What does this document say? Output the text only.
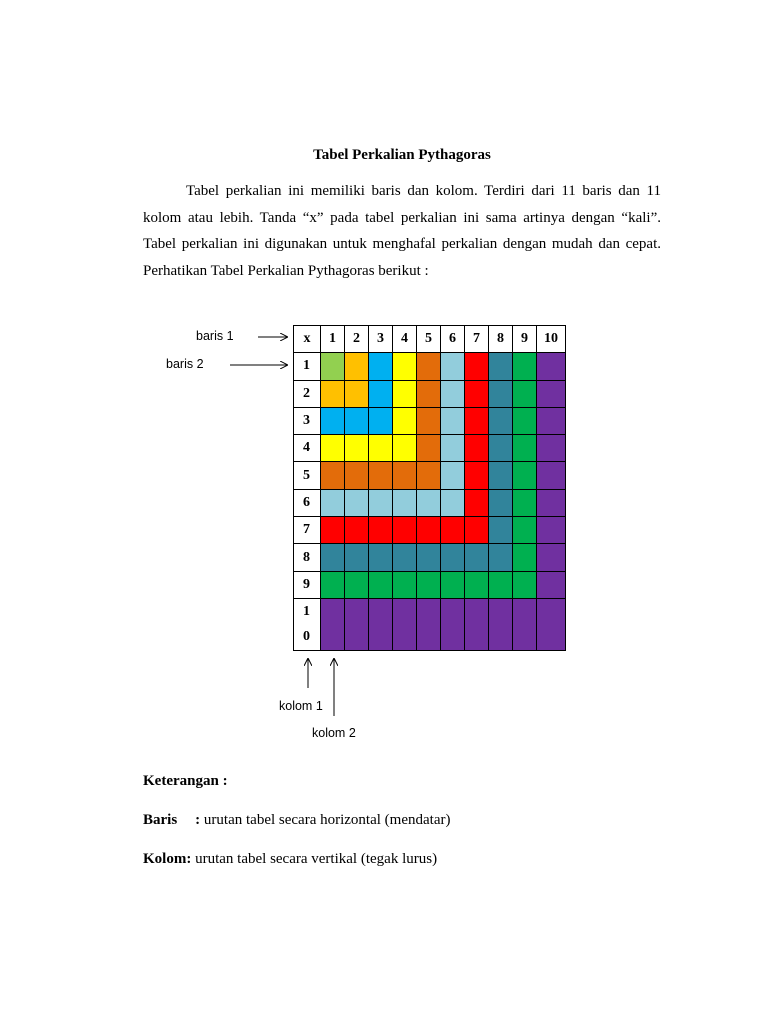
Tabel Perkalian Pythagoras

Tabel perkalian ini memiliki baris dan kolom. Terdiri dari 11 baris dan 11 kolom atau lebih. Tanda “x” pada tabel perkalian ini sama artinya dengan “kali”. Tabel perkalian ini digunakan untuk menghafal perkalian dengan mudah dan cepat. Perhatikan Tabel Perkalian Pythagoras berikut :

baris 1
baris 2
kolom 1
kolom 2
x	1	2	3	4	5	6	7	8	9	10
1										
2										
3										
4										
5										
6										
7										
8										
9										
1
0										
Keterangan :
Baris : urutan tabel secara horizontal (mendatar)
Kolom: urutan tabel secara vertikal (tegak lurus)
